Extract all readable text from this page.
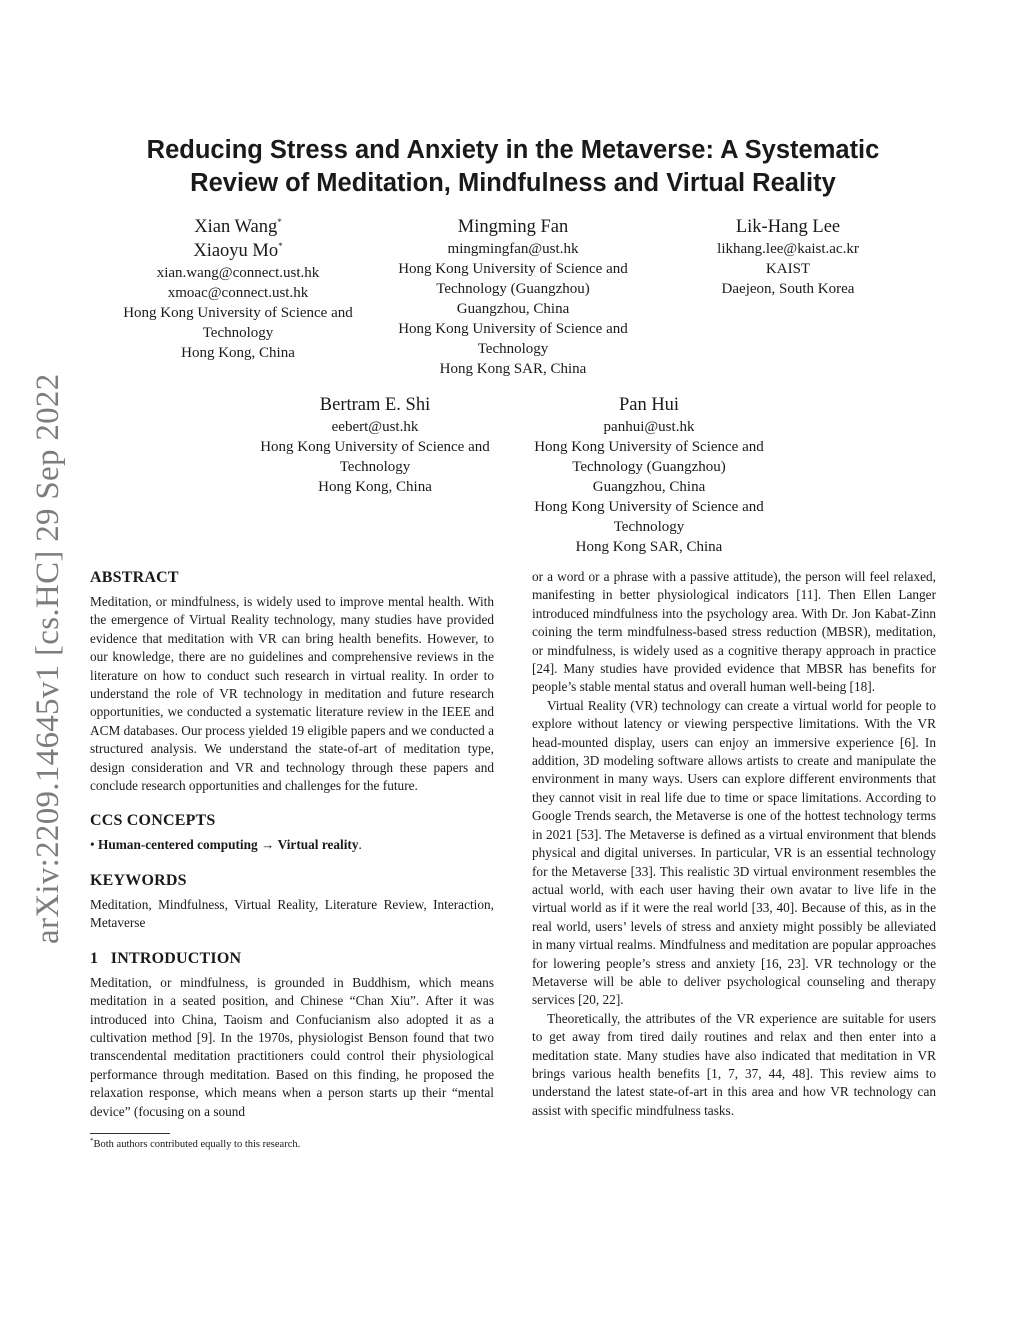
arXiv:2209.14645v1 [cs.HC] 29 Sep 2022
Reducing Stress and Anxiety in the Metaverse: A Systematic
Review of Meditation, Mindfulness and Virtual Reality
Xian Wang*
Xiaoyu Mo*
xian.wang@connect.ust.hk
xmoac@connect.ust.hk
Hong Kong University of Science and
Technology
Hong Kong, China
Mingming Fan
mingmingfan@ust.hk
Hong Kong University of Science and
Technology (Guangzhou)
Guangzhou, China
Hong Kong University of Science and
Technology
Hong Kong SAR, China
Lik-Hang Lee
likhang.lee@kaist.ac.kr
KAIST
Daejeon, South Korea
Bertram E. Shi
eebert@ust.hk
Hong Kong University of Science and
Technology
Hong Kong, China
Pan Hui
panhui@ust.hk
Hong Kong University of Science and
Technology (Guangzhou)
Guangzhou, China
Hong Kong University of Science and
Technology
Hong Kong SAR, China
ABSTRACT

Meditation, or mindfulness, is widely used to improve mental health. With the emergence of Virtual Reality technology, many studies have provided evidence that meditation with VR can bring health benefits. However, to our knowledge, there are no guidelines and comprehensive reviews in the literature on how to conduct such research in virtual reality. In order to understand the role of VR technology in meditation and future research opportunities, we conducted a systematic literature review in the IEEE and ACM databases. Our process yielded 19 eligible papers and we conducted a structured analysis. We understand the state-of-art of meditation type, design consideration and VR and technology through these papers and conclude research opportunities and challenges for the future.

CCS CONCEPTS

• Human-centered computing → Virtual reality.

KEYWORDS

Meditation, Mindfulness, Virtual Reality, Literature Review, Interaction, Metaverse

1   INTRODUCTION

Meditation, or mindfulness, is grounded in Buddhism, which means meditation in a seated position, and Chinese “Chan Xiu”. After it was introduced into China, Taoism and Confucianism also adopted it as a cultivation method [9]. In the 1970s, physiologist Benson found that two transcendental meditation practitioners could control their physiological performance through meditation. Based on this finding, he proposed the relaxation response, which means when a person starts up their “mental device” (focusing on a sound

*Both authors contributed equally to this research.

or a word or a phrase with a passive attitude), the person will feel relaxed, manifesting in better physiological indicators [11]. Then Ellen Langer introduced mindfulness into the psychology area. With Dr. Jon Kabat-Zinn coining the term mindfulness-based stress reduction (MBSR), meditation, or mindfulness, is widely used as a cognitive therapy approach in practice [24]. Many studies have provided evidence that MBSR has benefits for people’s stable mental status and overall human well-being [18].

Virtual Reality (VR) technology can create a virtual world for people to explore without latency or viewing perspective limitations. With the VR head-mounted display, users can enjoy an immersive experience [6]. In addition, 3D modeling software allows artists to create and manipulate the environment in many ways. Users can explore different environments that they cannot visit in real life due to time or space limitations. According to Google Trends search, the Metaverse is one of the hottest technology terms in 2021 [53]. The Metaverse is defined as a virtual environment that blends physical and digital universes. In particular, VR is an essential technology for the Metaverse [33]. This realistic 3D virtual environment resembles the actual world, with each user having their own avatar to live life in the virtual world as if it were the real world [33, 40]. Because of this, as in the real world, users’ levels of stress and anxiety might possibly be alleviated in many virtual realms. Mindfulness and meditation are popular approaches for lowering people’s stress and anxiety [16, 23]. VR technology or the Metaverse will be able to deliver psychological counseling and therapy services [20, 22].

Theoretically, the attributes of the VR experience are suitable for users to get away from tired daily routines and relax and then enter into a meditation state. Many studies have also indicated that meditation in VR brings various health benefits [1, 7, 37, 44, 48]. This review aims to understand the latest state-of-art in this area and how VR technology can assist with specific mindfulness tasks.
